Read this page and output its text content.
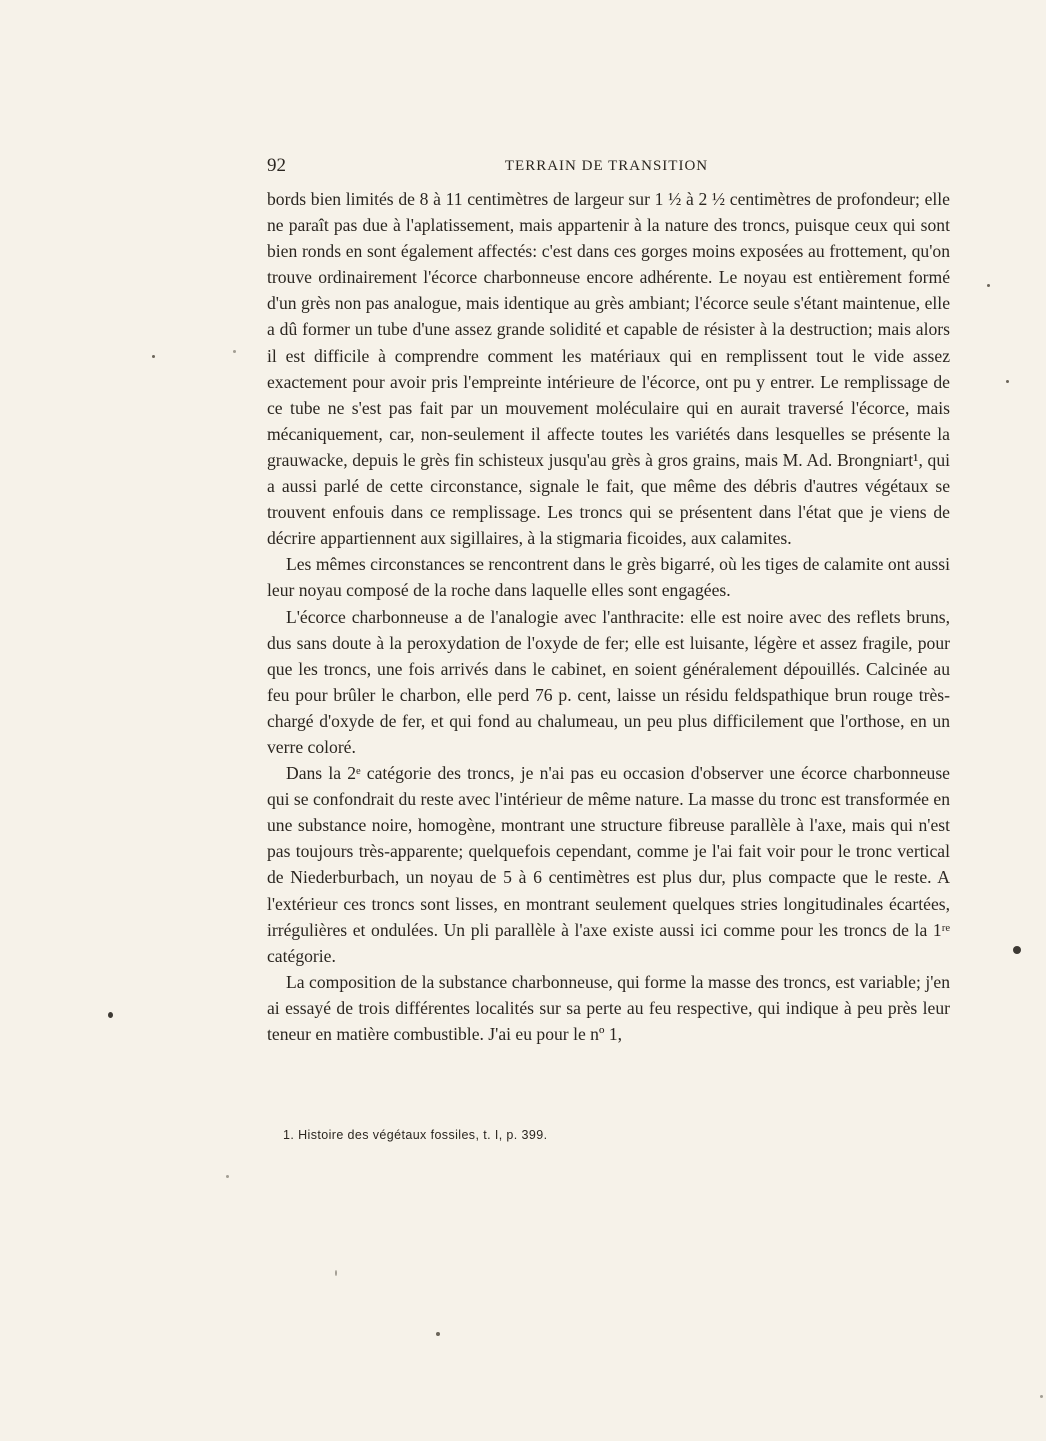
92	TERRAIN DE TRANSITION

bords bien limités de 8 à 11 centimètres de largeur sur 1 ½ à 2 ½ centimètres de profondeur; elle ne paraît pas due à l'aplatissement, mais appartenir à la nature des troncs, puisque ceux qui sont bien ronds en sont également affectés: c'est dans ces gorges moins exposées au frottement, qu'on trouve ordinairement l'écorce charbonneuse encore adhérente. Le noyau est entièrement formé d'un grès non pas analogue, mais identique au grès ambiant; l'écorce seule s'étant maintenue, elle a dû former un tube d'une assez grande solidité et capable de résister à la destruction; mais alors il est difficile à comprendre comment les matériaux qui en remplissent tout le vide assez exactement pour avoir pris l'empreinte intérieure de l'écorce, ont pu y entrer. Le remplissage de ce tube ne s'est pas fait par un mouvement moléculaire qui en aurait traversé l'écorce, mais mécaniquement, car, non-seulement il affecte toutes les variétés dans lesquelles se présente la grauwacke, depuis le grès fin schisteux jusqu'au grès à gros grains, mais M. Ad. Brongniart¹, qui a aussi parlé de cette circonstance, signale le fait, que même des débris d'autres végétaux se trouvent enfouis dans ce remplissage. Les troncs qui se présentent dans l'état que je viens de décrire appartiennent aux sigillaires, à la stigmaria ficoides, aux calamites.

Les mêmes circonstances se rencontrent dans le grès bigarré, où les tiges de calamite ont aussi leur noyau composé de la roche dans laquelle elles sont engagées.

L'écorce charbonneuse a de l'analogie avec l'anthracite: elle est noire avec des reflets bruns, dus sans doute à la peroxydation de l'oxyde de fer; elle est luisante, légère et assez fragile, pour que les troncs, une fois arrivés dans le cabinet, en soient généralement dépouillés. Calcinée au feu pour brûler le charbon, elle perd 76 p. cent, laisse un résidu feldspathique brun rouge très-chargé d'oxyde de fer, et qui fond au chalumeau, un peu plus difficilement que l'orthose, en un verre coloré.

Dans la 2ᵉ catégorie des troncs, je n'ai pas eu occasion d'observer une écorce charbonneuse qui se confondrait du reste avec l'intérieur de même nature. La masse du tronc est transformée en une substance noire, homogène, montrant une structure fibreuse parallèle à l'axe, mais qui n'est pas toujours très-apparente; quelquefois cependant, comme je l'ai fait voir pour le tronc vertical de Niederburbach, un noyau de 5 à 6 centimètres est plus dur, plus compacte que le reste. A l'extérieur ces troncs sont lisses, en montrant seulement quelques stries longitudinales écartées, irrégulières et ondulées. Un pli parallèle à l'axe existe aussi ici comme pour les troncs de la 1ʳᵉ catégorie.

La composition de la substance charbonneuse, qui forme la masse des troncs, est variable; j'en ai essayé de trois différentes localités sur sa perte au feu respective, qui indique à peu près leur teneur en matière combustible. J'ai eu pour le nº 1,

1. Histoire des végétaux fossiles, t. I, p. 399.
